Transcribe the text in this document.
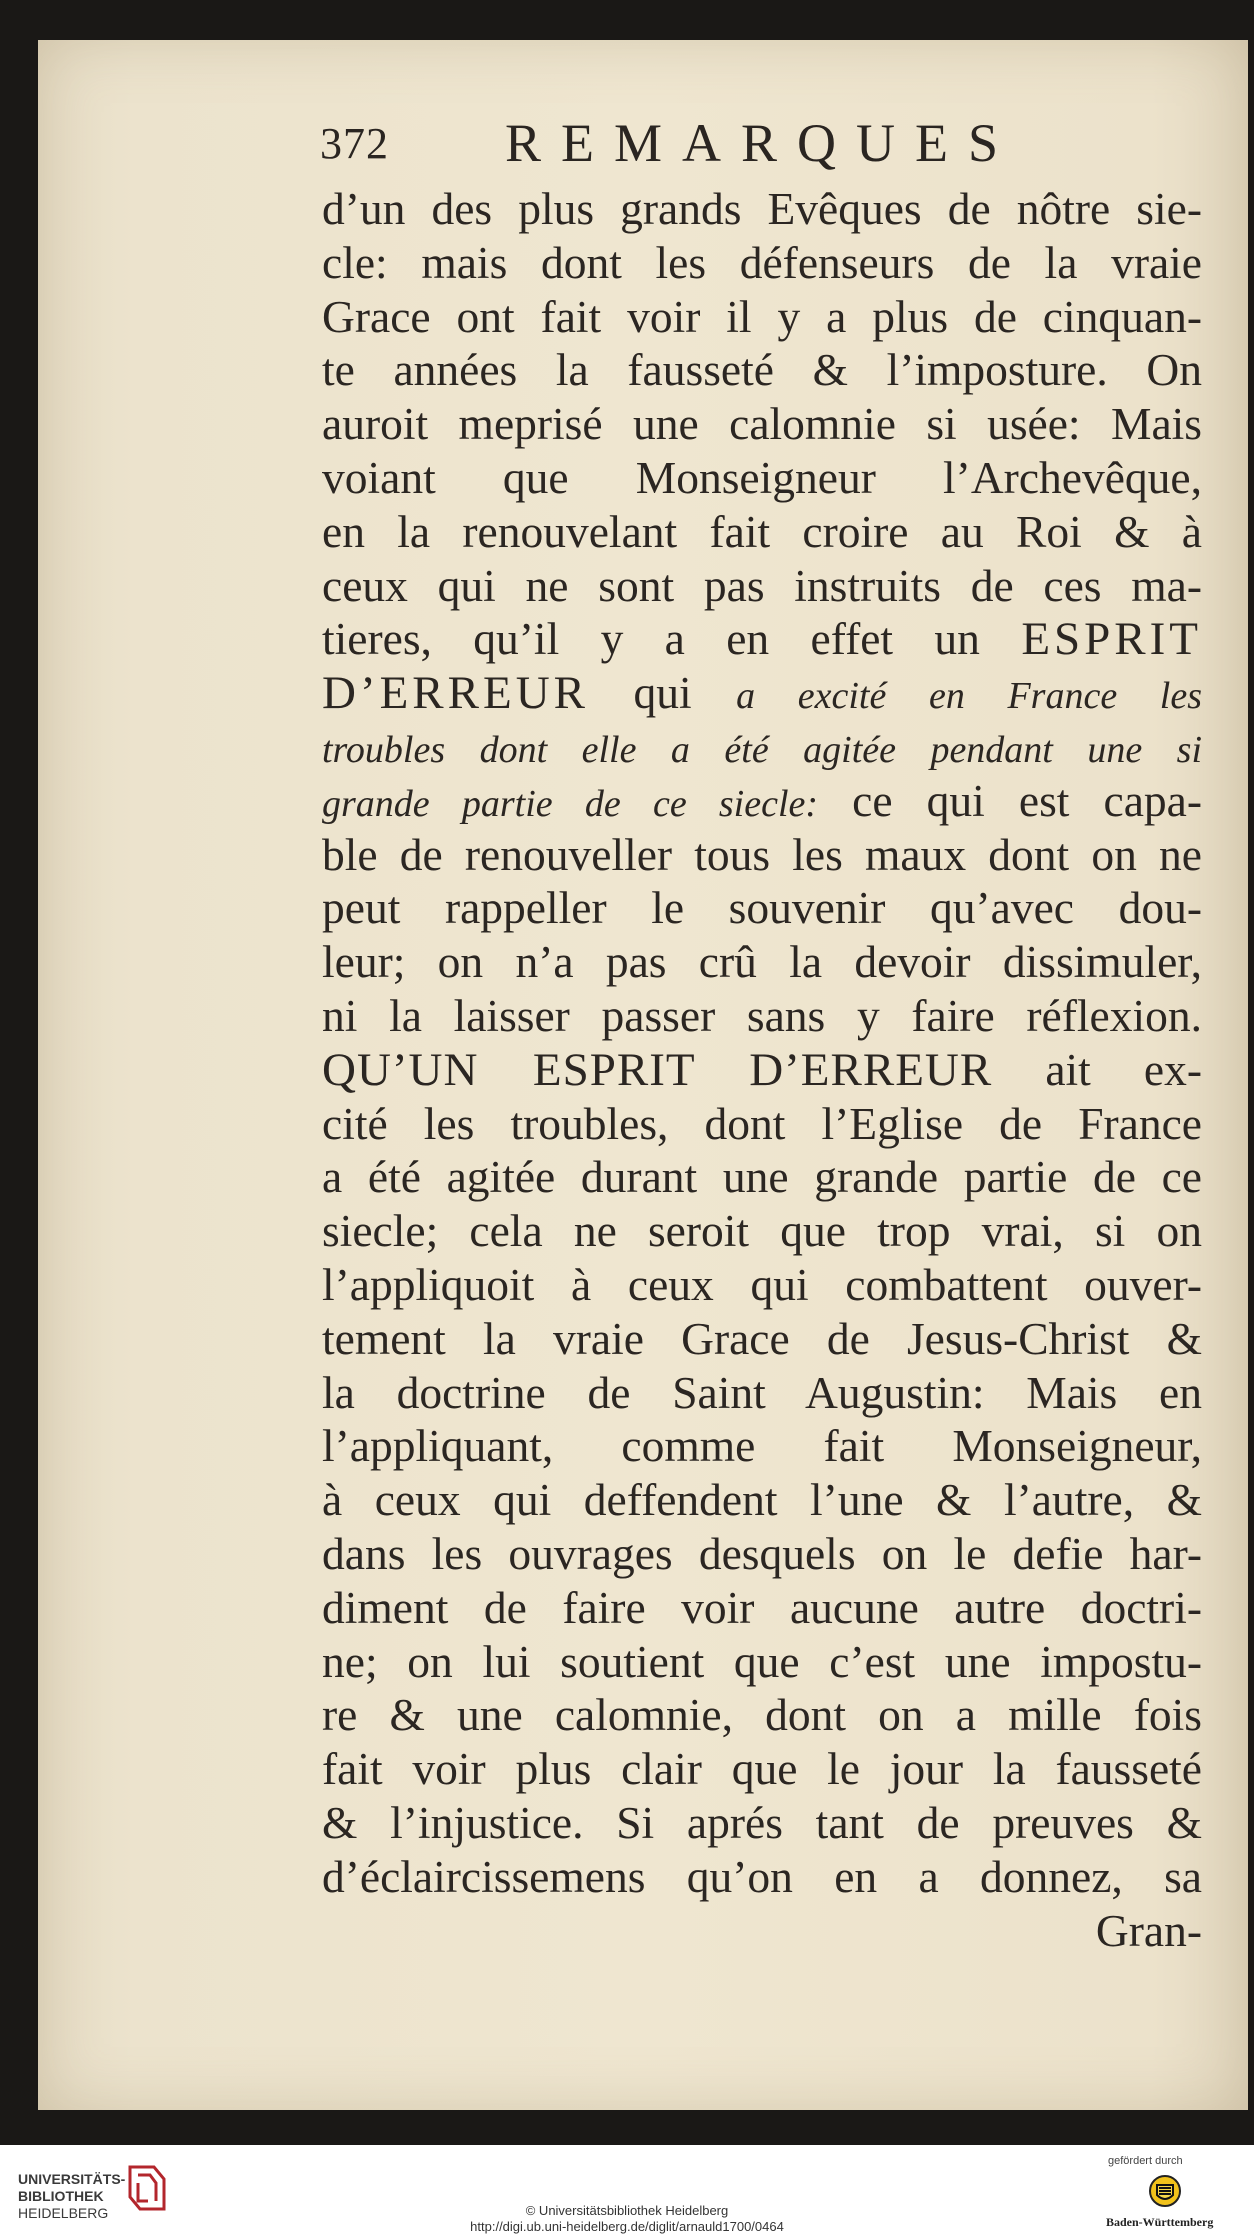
372 REMARQUES
d’un des plus grands Evêques de nôtre sie-
cle: mais dont les défenseurs de la vraie
Grace ont fait voir il y a plus de cinquan-
te années la fausseté & l’imposture. On
auroit meprisé une calomnie si usée: Mais
voiant que Monseigneur l’Archevêque,
en la renouvelant fait croire au Roi & à
ceux qui ne sont pas instruits de ces ma-
tieres, qu’il y a en effet un ESPRIT
D’ERREUR qui a excité en France les
troubles dont elle a été agitée pendant une si
grande partie de ce siecle: ce qui est capa-
ble de renouveller tous les maux dont on ne
peut rappeller le souvenir qu’avec dou-
leur; on n’a pas crû la devoir dissimuler,
ni la laisser passer sans y faire réflexion.
QU’UN ESPRIT D’ERREUR ait ex-
cité les troubles, dont l’Eglise de France
a été agitée durant une grande partie de ce
siecle; cela ne seroit que trop vrai, si on
l’appliquoit à ceux qui combattent ouver-
tement la vraie Grace de Jesus-Christ &
la doctrine de Saint Augustin: Mais en
l’appliquant, comme fait Monseigneur,
à ceux qui deffendent l’une & l’autre, &
dans les ouvrages desquels on le defie har-
diment de faire voir aucune autre doctri-
ne; on lui soutient que c’est une impostu-
re & une calomnie, dont on a mille fois
fait voir plus clair que le jour la fausseté
& l’injustice. Si aprés tant de preuves &
d’éclaircissemens qu’on en a donnez, sa
Gran-
UNIVERSITÄTS-
BIBLIOTHEK
HEIDELBERG	© Universitätsbibliothek Heidelberg
http://digi.ub.uni-heidelberg.de/diglit/arnauld1700/0464
gefördert durch
Baden-Württemberg
